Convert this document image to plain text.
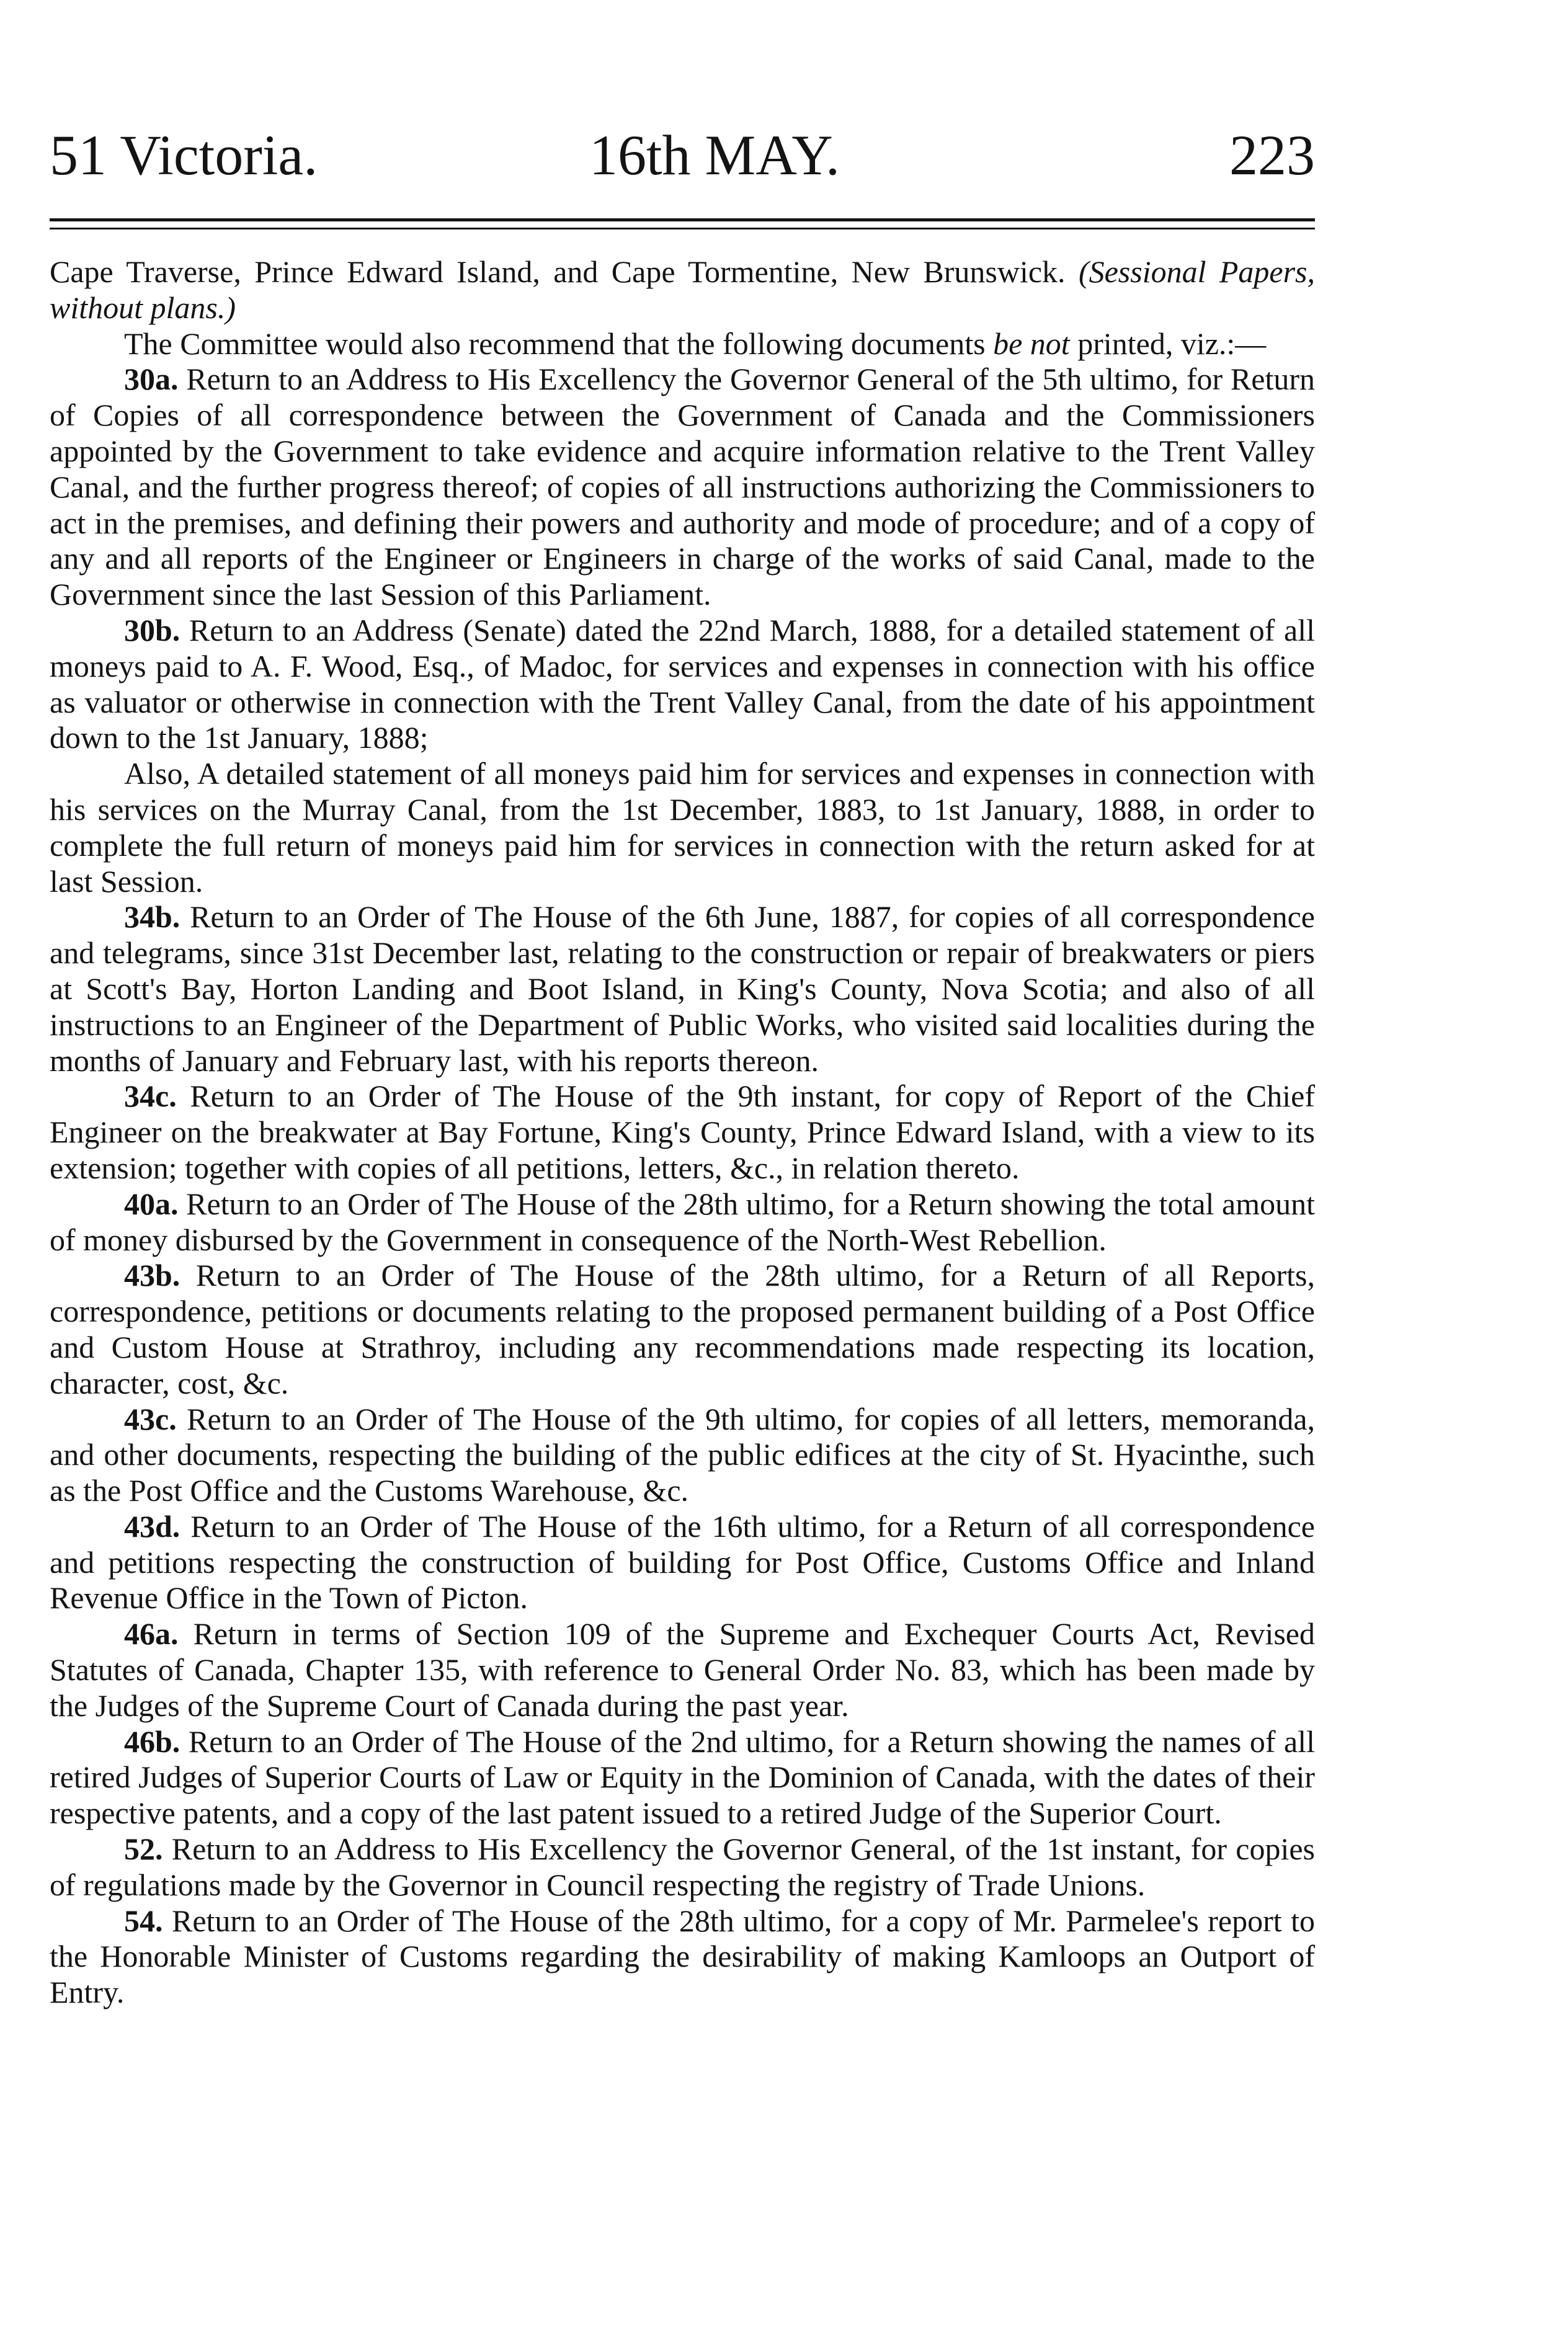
51 Victoria.	16th MAY.	223

Cape Traverse, Prince Edward Island, and Cape Tormentine, New Brunswick. (Sessional Papers, without plans.)

The Committee would also recommend that the following documents be not printed, viz.:—

30a. Return to an Address to His Excellency the Governor General of the 5th ultimo, for Return of Copies of all correspondence between the Government of Canada and the Commissioners appointed by the Government to take evidence and acquire information relative to the Trent Valley Canal, and the further progress thereof; of copies of all instructions authorizing the Commissioners to act in the premises, and defining their powers and authority and mode of procedure; and of a copy of any and all reports of the Engineer or Engineers in charge of the works of said Canal, made to the Government since the last Session of this Parliament.

30b. Return to an Address (Senate) dated the 22nd March, 1888, for a detailed statement of all moneys paid to A. F. Wood, Esq., of Madoc, for services and expenses in connection with his office as valuator or otherwise in connection with the Trent Valley Canal, from the date of his appointment down to the 1st January, 1888;

Also, A detailed statement of all moneys paid him for services and expenses in connection with his services on the Murray Canal, from the 1st December, 1883, to 1st January, 1888, in order to complete the full return of moneys paid him for services in connection with the return asked for at last Session.

34b. Return to an Order of The House of the 6th June, 1887, for copies of all correspondence and telegrams, since 31st December last, relating to the construction or repair of breakwaters or piers at Scott's Bay, Horton Landing and Boot Island, in King's County, Nova Scotia; and also of all instructions to an Engineer of the Department of Public Works, who visited said localities during the months of January and February last, with his reports thereon.

34c. Return to an Order of The House of the 9th instant, for copy of Report of the Chief Engineer on the breakwater at Bay Fortune, King's County, Prince Edward Island, with a view to its extension; together with copies of all petitions, letters, &c., in relation thereto.

40a. Return to an Order of The House of the 28th ultimo, for a Return showing the total amount of money disbursed by the Government in consequence of the North-West Rebellion.

43b. Return to an Order of The House of the 28th ultimo, for a Return of all Reports, correspondence, petitions or documents relating to the proposed permanent building of a Post Office and Custom House at Strathroy, including any recommendations made respecting its location, character, cost, &c.

43c. Return to an Order of The House of the 9th ultimo, for copies of all letters, memoranda, and other documents, respecting the building of the public edifices at the city of St. Hyacinthe, such as the Post Office and the Customs Warehouse, &c.

43d. Return to an Order of The House of the 16th ultimo, for a Return of all correspondence and petitions respecting the construction of building for Post Office, Customs Office and Inland Revenue Office in the Town of Picton.

46a. Return in terms of Section 109 of the Supreme and Exchequer Courts Act, Revised Statutes of Canada, Chapter 135, with reference to General Order No. 83, which has been made by the Judges of the Supreme Court of Canada during the past year.

46b. Return to an Order of The House of the 2nd ultimo, for a Return showing the names of all retired Judges of Superior Courts of Law or Equity in the Dominion of Canada, with the dates of their respective patents, and a copy of the last patent issued to a retired Judge of the Superior Court.

52. Return to an Address to His Excellency the Governor General, of the 1st instant, for copies of regulations made by the Governor in Council respecting the registry of Trade Unions.

54. Return to an Order of The House of the 28th ultimo, for a copy of Mr. Parmelee's report to the Honorable Minister of Customs regarding the desirability of making Kamloops an Outport of Entry.
